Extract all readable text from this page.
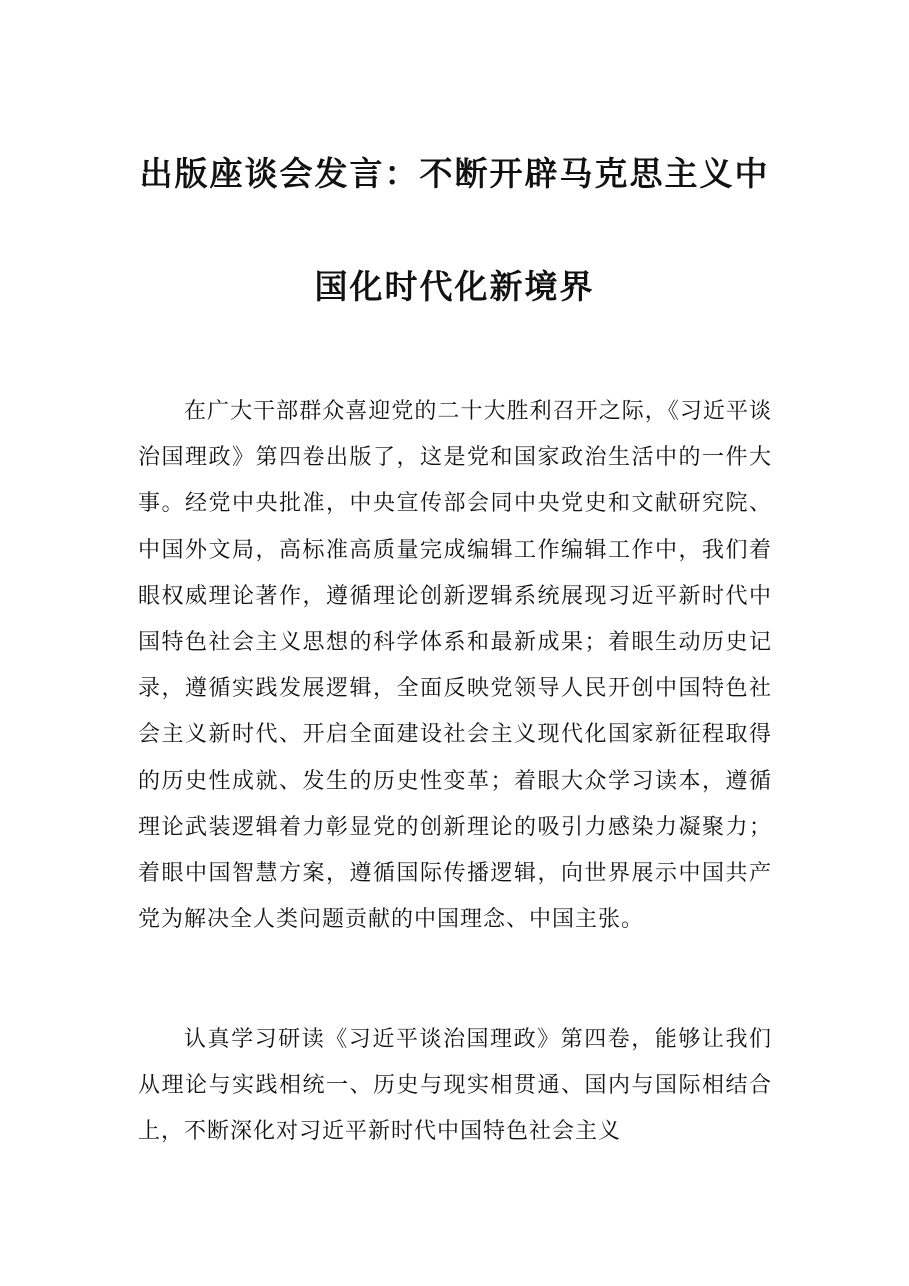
出版座谈会发言：不断开辟马克思主义中
国化时代化新境界

在广大干部群众喜迎党的二十大胜利召开之际，《习近平谈治国理政》第四卷出版了，这是党和国家政治生活中的一件大事。经党中央批准，中央宣传部会同中央党史和文献研究院、中国外文局，高标准高质量完成编辑工作编辑工作中，我们着眼权威理论著作，遵循理论创新逻辑系统展现习近平新时代中国特色社会主义思想的科学体系和最新成果；着眼生动历史记录，遵循实践发展逻辑，全面反映党领导人民开创中国特色社会主义新时代、开启全面建设社会主义现代化国家新征程取得的历史性成就、发生的历史性变革；着眼大众学习读本，遵循理论武装逻辑着力彰显党的创新理论的吸引力感染力凝聚力；着眼中国智慧方案，遵循国际传播逻辑，向世界展示中国共产党为解决全人类问题贡献的中国理念、中国主张。

认真学习研读《习近平谈治国理政》第四卷，能够让我们从理论与实践相统一、历史与现实相贯通、国内与国际相结合上，不断深化对习近平新时代中国特色社会主义
